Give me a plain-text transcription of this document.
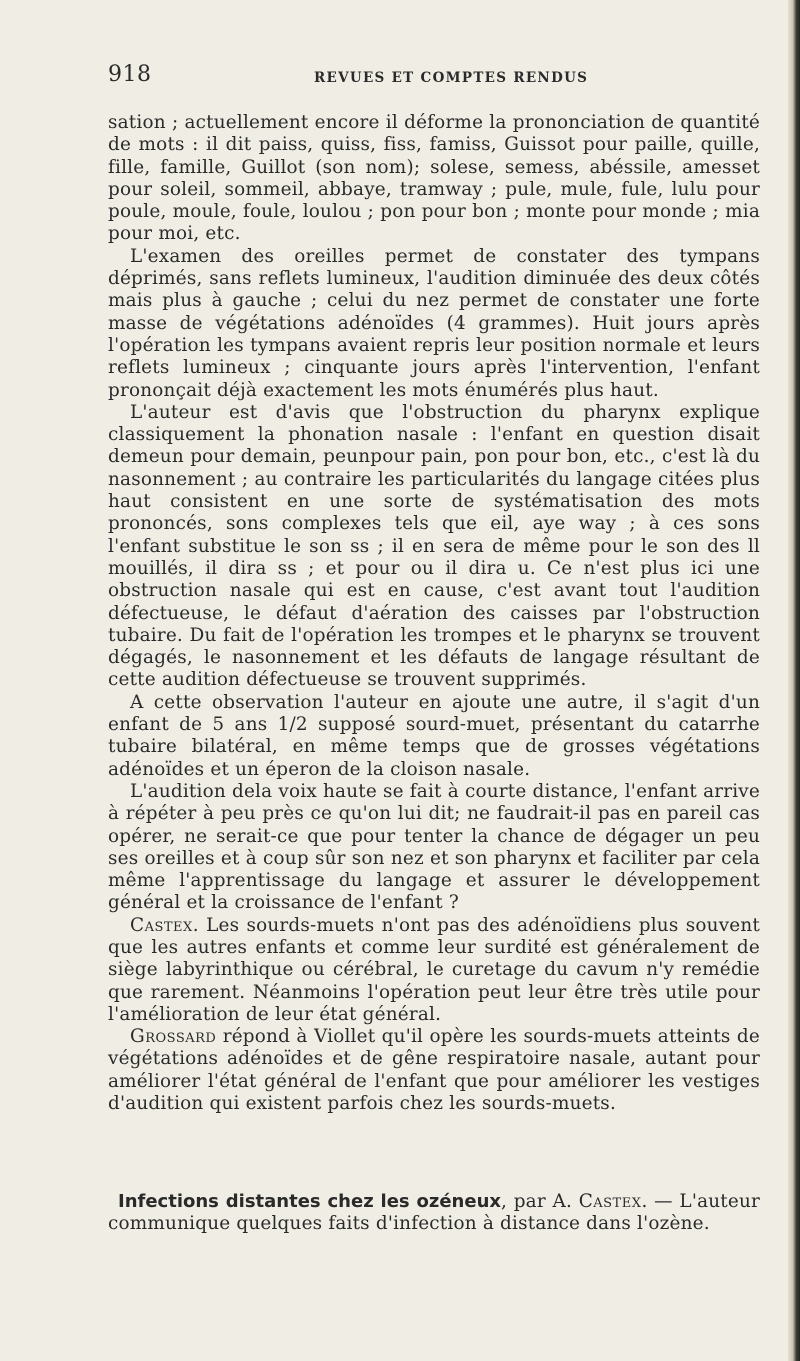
918	REVUES ET COMPTES RENDUS

sation ; actuellement encore il déforme la prononciation de quantité de mots : il dit paiss, quiss, fiss, famiss, Guissot pour paille, quille, fille, famille, Guillot (son nom); solese, semess, abéssile, amesset pour soleil, sommeil, abbaye, tramway ; pule, mule, fule, lulu pour poule, moule, foule, loulou ; pon pour bon ; monte pour monde ; mia pour moi, etc.

L'examen des oreilles permet de constater des tympans déprimés, sans reflets lumineux, l'audition diminuée des deux côtés mais plus à gauche ; celui du nez permet de constater une forte masse de végétations adénoïdes (4 grammes). Huit jours après l'opération les tympans avaient repris leur position normale et leurs reflets lumineux ; cinquante jours après l'intervention, l'enfant prononçait déjà exactement les mots énumérés plus haut.

L'auteur est d'avis que l'obstruction du pharynx explique classiquement la phonation nasale : l'enfant en question disait demeun pour demain, peunpour pain, pon pour bon, etc., c'est là du nasonnement ; au contraire les particularités du langage citées plus haut consistent en une sorte de systématisation des mots prononcés, sons complexes tels que eil, aye way ; à ces sons l'enfant substitue le son ss ; il en sera de même pour le son des ll mouillés, il dira ss ; et pour ou il dira u. Ce n'est plus ici une obstruction nasale qui est en cause, c'est avant tout l'audition défectueuse, le défaut d'aération des caisses par l'obstruction tubaire. Du fait de l'opération les trompes et le pharynx se trouvent dégagés, le nasonnement et les défauts de langage résultant de cette audition défectueuse se trouvent supprimés.

A cette observation l'auteur en ajoute une autre, il s'agit d'un enfant de 5 ans 1/2 supposé sourd-muet, présentant du catarrhe tubaire bilatéral, en même temps que de grosses végétations adénoïdes et un éperon de la cloison nasale.

L'audition dela voix haute se fait à courte distance, l'enfant arrive à répéter à peu près ce qu'on lui dit; ne faudrait-il pas en pareil cas opérer, ne serait-ce que pour tenter la chance de dégager un peu ses oreilles et à coup sûr son nez et son pharynx et faciliter par cela même l'apprentissage du langage et assurer le développement général et la croissance de l'enfant ?

Castex. Les sourds-muets n'ont pas des adénoïdiens plus souvent que les autres enfants et comme leur surdité est généralement de siège labyrinthique ou cérébral, le curetage du cavum n'y remédie que rarement. Néanmoins l'opération peut leur être très utile pour l'amélioration de leur état général.

Grossard répond à Viollet qu'il opère les sourds-muets atteints de végétations adénoïdes et de gêne respiratoire nasale, autant pour améliorer l'état général de l'enfant que pour améliorer les vestiges d'audition qui existent parfois chez les sourds-muets.

Infections distantes chez les ozéneux, par A. Castex. — L'auteur communique quelques faits d'infection à distance dans l'ozène.
